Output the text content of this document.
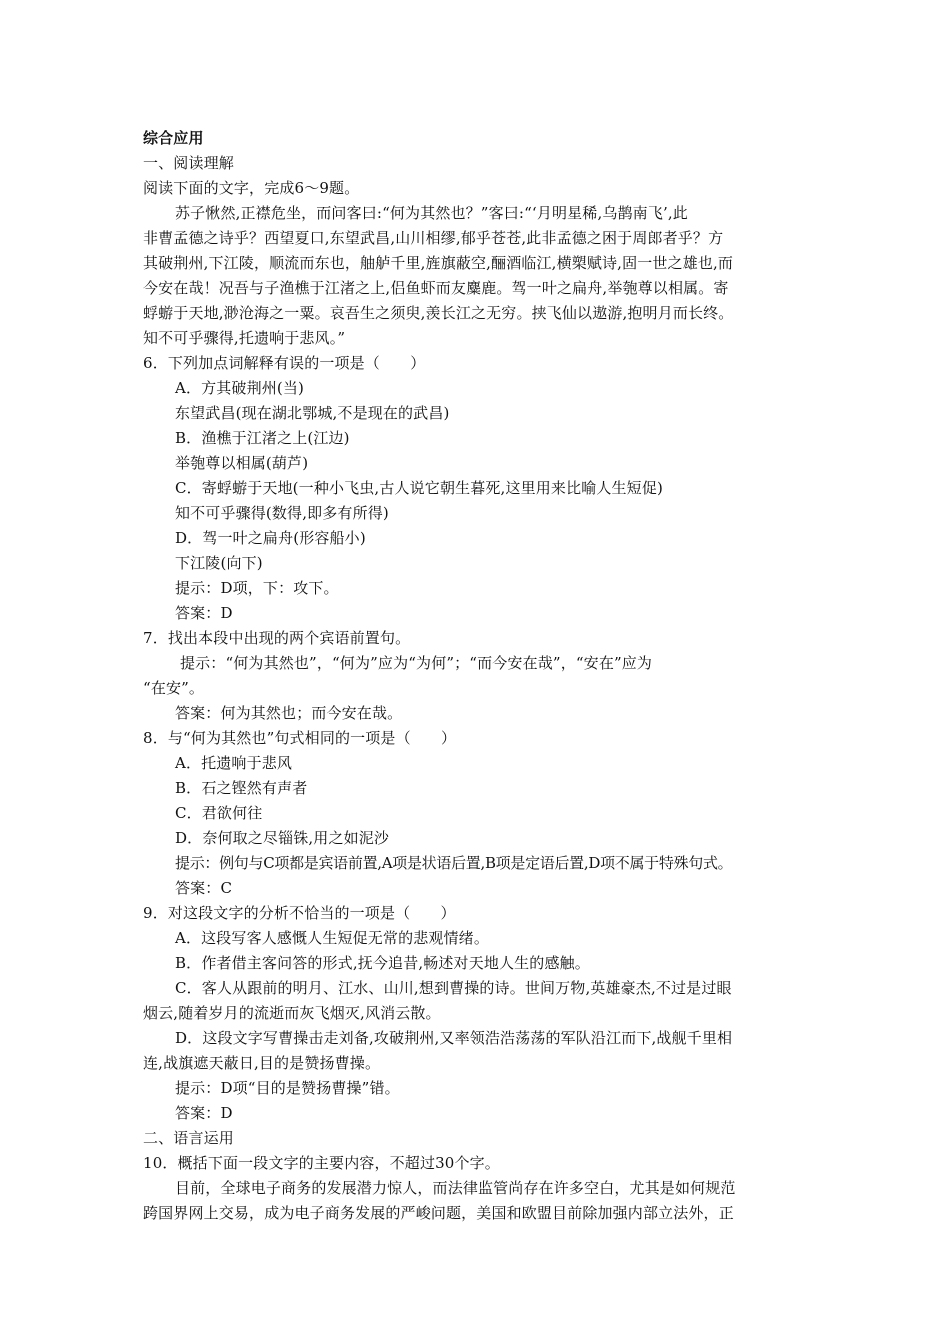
综合应用
一、阅读理解
阅读下面的文字，完成6～9题。
苏子愀然,正襟危坐，而问客曰:“何为其然也？”客曰:“‘月明星稀,乌鹊南飞’,此
非曹孟德之诗乎？西望夏口,东望武昌,山川相缪,郁乎苍苍,此非孟德之困于周郎者乎？方
其破荆州,下江陵，顺流而东也，舳舻千里,旌旗蔽空,酾酒临江,横槊赋诗,固一世之雄也,而
今安在哉！况吾与子渔樵于江渚之上,侣鱼虾而友麋鹿。驾一叶之扁舟,举匏尊以相属。寄
蜉蝣于天地,渺沧海之一粟。哀吾生之须臾,羡长江之无穷。挟飞仙以遨游,抱明月而长终。
知不可乎骤得,托遗响于悲风。”
6．下列加点词解释有误的一项是（　　）
A．方其破荆州(当)
东望武昌(现在湖北鄂城,不是现在的武昌)
B．渔樵于江渚之上(江边)
举匏尊以相属(葫芦)
C．寄蜉蝣于天地(一种小飞虫,古人说它朝生暮死,这里用来比喻人生短促)
知不可乎骤得(数得,即多有所得)
D．驾一叶之扁舟(形容船小)
下江陵(向下)
提示：D项，下：攻下。
答案：D
7．找出本段中出现的两个宾语前置句。
提示：“何为其然也”，“何为”应为“为何”；“而今安在哉”，“安在”应为
“在安”。
答案：何为其然也；而今安在哉。
8．与“何为其然也”句式相同的一项是（　　）
A．托遗响于悲风
B．石之铿然有声者
C．君欲何往
D．奈何取之尽锱铢,用之如泥沙
提示：例句与C项都是宾语前置,A项是状语后置,B项是定语后置,D项不属于特殊句式。
答案：C
9．对这段文字的分析不恰当的一项是（　　）
A．这段写客人感慨人生短促无常的悲观情绪。
B．作者借主客问答的形式,抚今追昔,畅述对天地人生的感触。
C．客人从跟前的明月、江水、山川,想到曹操的诗。世间万物,英雄豪杰,不过是过眼
烟云,随着岁月的流逝而灰飞烟灭,风消云散。
D．这段文字写曹操击走刘备,攻破荆州,又率领浩浩荡荡的军队沿江而下,战舰千里相
连,战旗遮天蔽日,目的是赞扬曹操。
提示：D项“目的是赞扬曹操”错。
答案：D
二、语言运用
10．概括下面一段文字的主要内容，不超过30个字。
目前，全球电子商务的发展潜力惊人，而法律监管尚存在许多空白，尤其是如何规范
跨国界网上交易，成为电子商务发展的严峻问题，美国和欧盟目前除加强内部立法外，正
